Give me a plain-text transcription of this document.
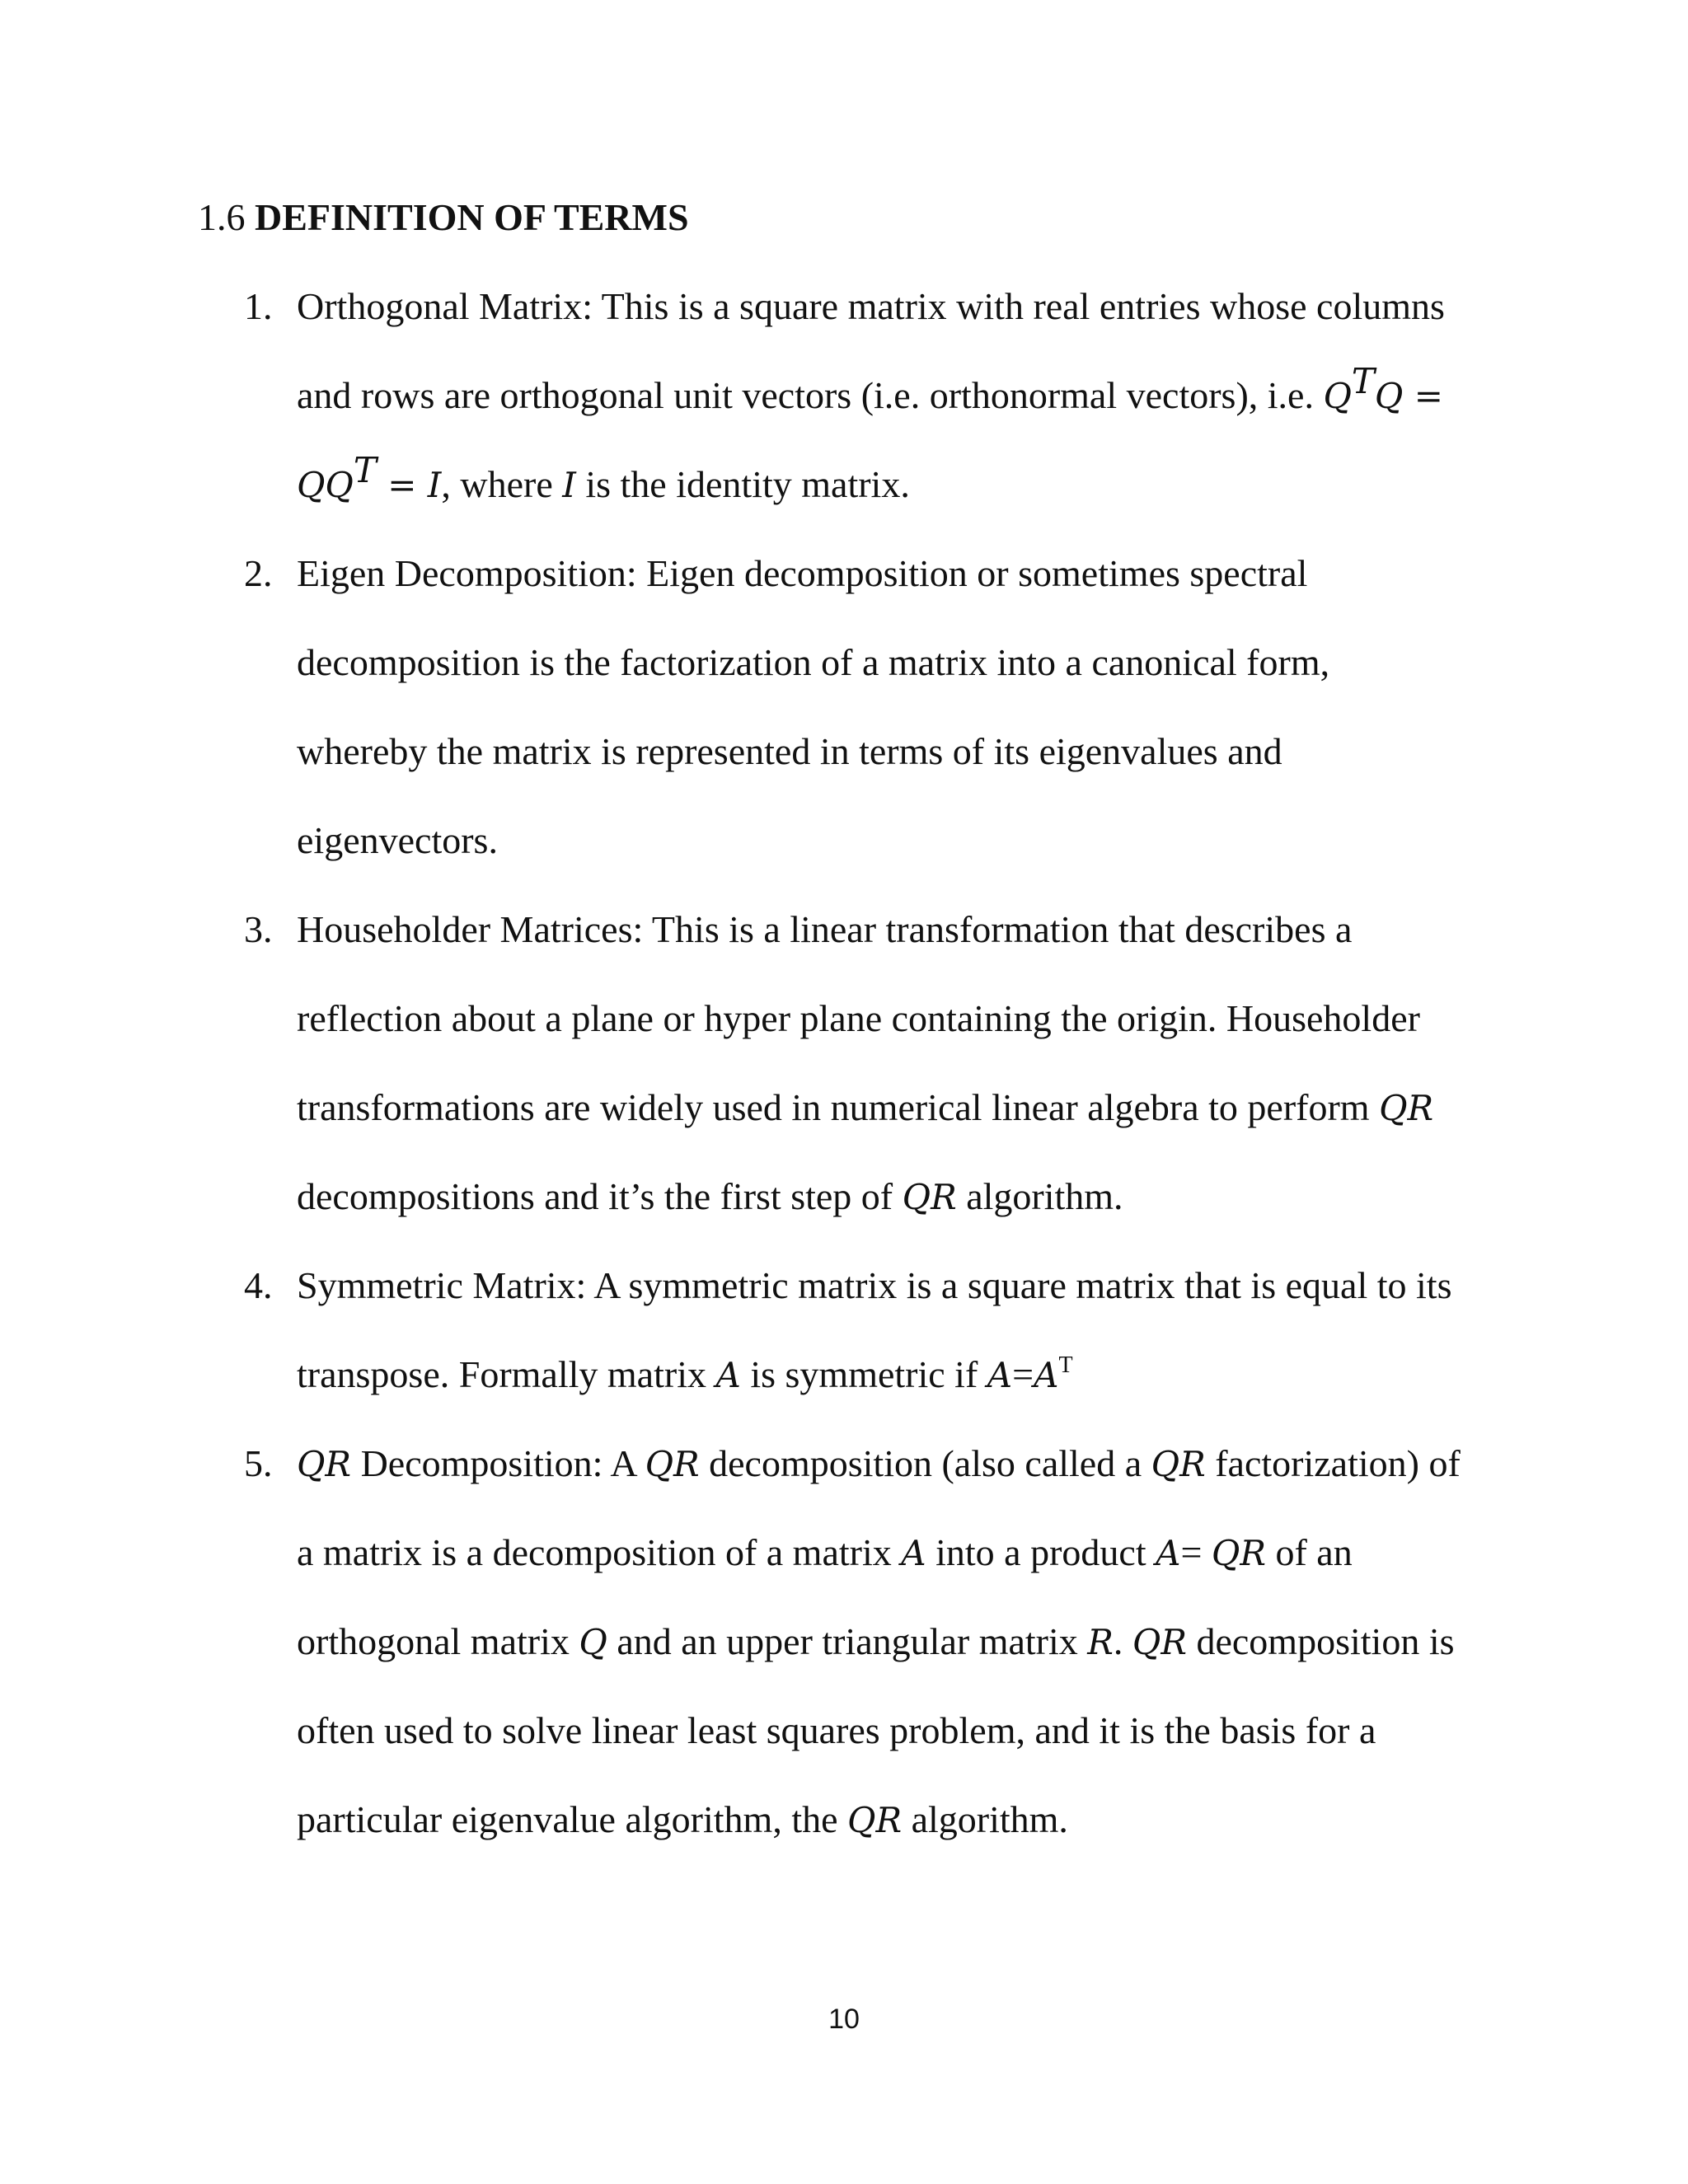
1.6 DEFINITION OF TERMS
1. Orthogonal Matrix: This is a square matrix with real entries whose columns
and rows are orthogonal unit vectors (i.e. orthonormal vectors), i.e. $Q^TQ$ =
$QQ^T = I$, where I is the identity matrix.
2. Eigen Decomposition: Eigen decomposition or sometimes spectral
decomposition is the factorization of a matrix into a canonical form,
whereby the matrix is represented in terms of its eigenvalues and
eigenvectors.
3. Householder Matrices: This is a linear transformation that describes a
reflection about a plane or hyper plane containing the origin. Householder
transformations are widely used in numerical linear algebra to perform QR
decompositions and it’s the first step of QR algorithm.
4. Symmetric Matrix: A symmetric matrix is a square matrix that is equal to its
transpose. Formally matrix A is symmetric if $A=A^T$
5. QR Decomposition: A QR decomposition (also called a QR factorization) of
a matrix is a decomposition of a matrix A into a product A= QR of an
orthogonal matrix Q and an upper triangular matrix R. QR decomposition is
often used to solve linear least squares problem, and it is the basis for a
particular eigenvalue algorithm, the QR algorithm.
10
